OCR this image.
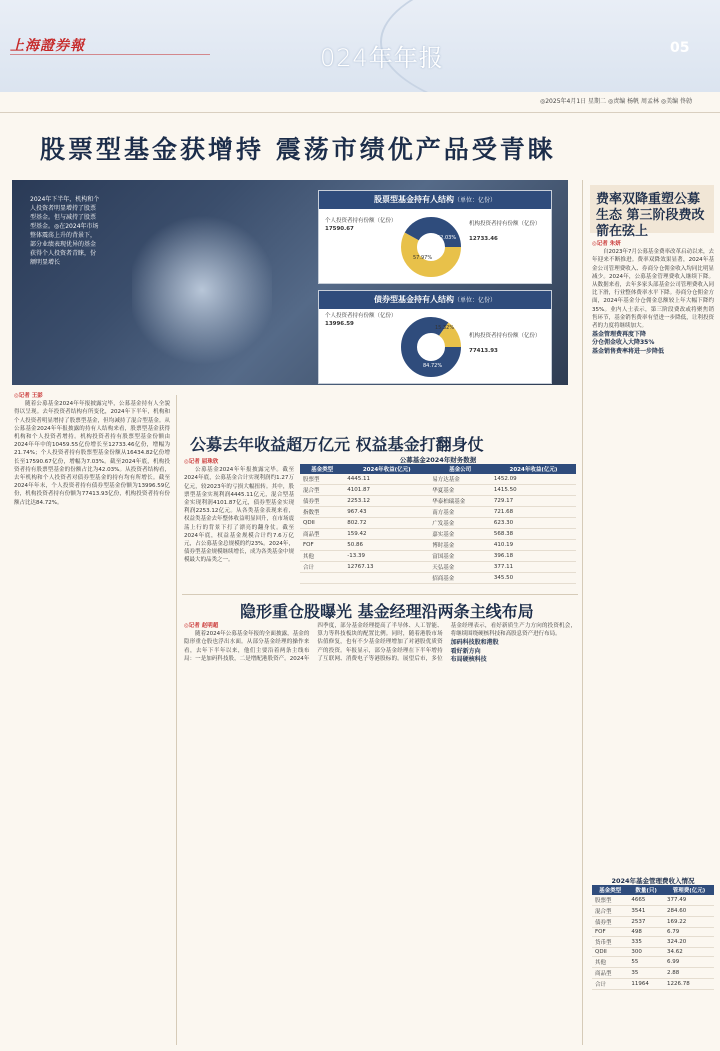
上海證券報	024年年报	05
◎2025年4月1日 星期二 ◎责编 杨帆 周孟林 ◎美编 佟勍
股票型基金获增持 震荡市绩优产品受青睐
2024年下半年，机构和个人投资者明显增持了股票型基金。但与减持了股票型基金。◎在2024年市场整体震荡上升的背景下，部分业绩表现优异的基金获得个人投资者青睐，份额明显增长
股票型基金持有人结构（单位：亿份）
个人投资者持有份额（亿份）
17590.67
机构投资者持有份额（亿份）
12733.46
42.03%
57.97%
债券型基金持有人结构（单位：亿份）
个人投资者持有份额（亿份）
13996.59
机构投资者持有份额（亿份）
77413.93
15.32%
84.72%
◎记者 王彭

随着公募基金2024年年报披露完毕，公募基金持有人全貌得以呈现。去年投资者结构有所变化，2024年下半年，机构和个人投资者明显增持了股票型基金，但均减持了混合型基金。从公募基金2024年年报披露的持有人结构来看，股票型基金获得机构和个人投资者增持。机构投资者持有股票型基金份额由2024年年中的10459.55亿份增长至12733.46亿份，增幅为21.74%；个人投资者持有股票型基金份额从16434.82亿份增长至17590.67亿份，增幅为7.03%。截至2024年底，机构投资者持有股票型基金的份额占比为42.03%。从投资者结构看，去年机构和个人投资者对债券型基金的持有均有所增长。截至2024年年末，个人投资者持有债券型基金份额为13996.59亿份，机构投资者持有份额为77413.93亿份，机构投资者持有份额占比达84.72%。

公募去年收益超万亿元 权益基金打翻身仗
◎记者 屈珠欣

公募基金2024年年报披露完毕。截至2024年底，公募基金合计实现利润约1.27万亿元，较2023年的亏损大幅扭转。其中，股票型基金实现利润4445.11亿元，混合型基金实现利润4101.87亿元，债券型基金实现利润2253.12亿元。从各类基金表现来看，权益类基金去年整体收益明显回升，在市场震荡上行的背景下打了漂亮的翻身仗。截至2024年底，权益基金规模合计约7.6万亿元，占公募基金总规模的约23%。2024年，债券型基金规模继续增长，成为各类基金中规模最大的品类之一。

公募基金2024年财务数据
基金类型	2024年收益(亿元)	基金公司	2024年收益(亿元)
股票型	4445.11	易方达基金	1452.09
混合型	4101.87	华夏基金	1415.50
债券型	2253.12	华泰柏瑞基金	729.17
指数型	967.43	南方基金	721.68
QDII	802.72	广发基金	623.30
商品型	159.42	嘉实基金	568.38
FOF	50.86	博时基金	410.19
其他	-13.39	富国基金	396.18
合计	12767.13	天弘基金	377.11
		招商基金	345.50
隐形重仓股曝光 基金经理沿两条主线布局
◎记者 赵明超

随着2024年公募基金年报的全面披露，基金的隐形重仓股也浮出水面。从部分基金经理的操作来看，去年下半年以来，他们主要沿着两条主线布局：一是加码科技股，二是增配港股资产。2024年四季度，部分基金经理提高了半导体、人工智能、算力等科技板块的配置比例。同时，随着港股市场估值修复，也有不少基金经理增加了对港股优质资产的投资。年报显示，部分基金经理在下半年增持了互联网、消费电子等港股标的。展望后市，多位基金经理表示，看好新质生产力方向的投资机会，将继续围绕硬核科技和高股息资产进行布局。

加码科技股和港股
看好新方向
布局硬核科技
费率双降重塑公募生态 第三阶段费改箭在弦上
◎记者 朱妍

自2023年7月公募基金费率改革启动以来，去年迎来不断推进。费率双降效果显著，2024年基金公司管理费收入、券商分仓佣金收入均同比明显减少。2024年，公募基金管理费收入继续下降。从数据来看，去年多家头部基金公司管理费收入同比下滑，行业整体费率水平下降。券商分仓佣金方面，2024年基金分仓佣金总额较上年大幅下降约35%。业内人士表示，第三阶段费改或将聚焦销售环节，基金销售费率有望进一步降低，让利投资者的力度将继续加大。

基金管理费再度下降
分仓佣金收入大降35%
基金销售费率将进一步降低
2024年基金管理费收入情况
基金类型	数量(只)	管理费(亿元)
股票型	4665	377.49
混合型	3541	284.60
债券型	2537	169.22
FOF	498	6.79
货币型	335	324.20
QDII	300	34.62
其他	55	6.99
商品型	35	2.88
合计	11964	1226.78
